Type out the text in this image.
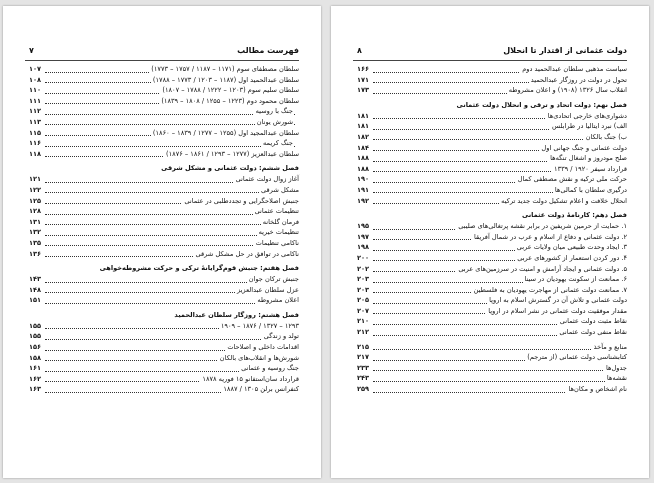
فهرست مطالب
۷
سلطان مصطفای سوم (۱۱۷۱ – ۱۱۸۷ / ۱۷۵۷ – ۱۷۷۳)
۱۰۷
سلطان عبدالحمید اول (۱۱۸۷ – ۱۲۰۳ / ۱۷۷۳ – ۱۷۸۸)
۱۰۸
سلطان سلیم سوم (۱۲۰۳ – ۱۲۲۲ / ۱۷۸۸ – ۱۸۰۷)
۱۱۰
سلطان محمود دوم (۱۲۲۳ – ۱۲۵۵ / ۱۸۰۸ – ۱۸۳۹)
۱۱۱
جنگ با روسیه
۱۱۲
شورش یونان
۱۱۳
سلطان عبدالمجید اول (۱۲۵۵ – ۱۲۷۷ / ۱۸۳۹ – ۱۸۶۰)
۱۱۵
جنگ کریمه
۱۱۶
سلطان عبدالعزیز (۱۲۷۷ – ۱۲۹۳ / ۱۸۶۱ – ۱۸۷۶)
۱۱۸
فصل ششم: دولت عثمانی و مشکل شرقی
آغاز زوال دولت عثمانی
۱۲۱
مشکل شرقی
۱۲۲
جنبش اصلاحگرایی و تجددطلبی در عثمانی
۱۲۵
تنظیمات عثمانی
۱۲۸
فرمان گلخانه
۱۳۱
تنظیمات خیریه
۱۳۲
ناکامی تنظیمات
۱۳۵
ناکامی در توافق در حل مشکل شرقی
۱۳۶
فصل هفتم: جنبش قوم‌گرایانهٔ ترکی و حرکت مشروطه‌خواهی
جنبش ترکان جوان
۱۴۳
عزل سلطان عبدالعزیز
۱۴۸
اعلان مشروطه
۱۵۱
فصل هشتم: روزگار سلطان عبدالحمید
۱۲۹۳ – ۱۳۲۷ / ۱۸۷۶ – ۱۹۰۹
۱۵۵
تولد و زندگی
۱۵۵
اقدامات داخلی و اصلاحات
۱۵۶
شورش‌ها و انقلاب‌های بالکان
۱۵۸
جنگ روسیه و عثمانی
۱۶۱
قرارداد سان‌استفانو ۱۵ فوریه ۱۸۷۸
۱۶۲
کنفرانس برلن ۱۳۰۵ / ۱۸۸۷
۱۶۳
دولت عثمانی از اقتدار تا انحلال
۸
سیاست مذهبی سلطان عبدالحمید دوم
۱۶۶
تحول در دولت در روزگار عبدالحمید
۱۷۱
انقلاب سال ۱۳۲۶ (۱۹۰۸) و اعلان مشروطه
۱۷۳
فصل نهم: دولت اتحاد و ترقی و انحلال دولت عثمانی
دشواری‌های خارجی اتحادی‌ها
۱۸۱
الف) نبرد ایتالیا در طرابلس
۱۸۱
ب) جنگ بالکان
۱۸۲
دولت عثمانی و جنگ جهانی اول
۱۸۴
صلح مودروز و اشغال تنگه‌ها
۱۸۸
قرارداد سیفر ۱۹۲۰ / ۱۳۳۹
۱۸۸
حرکت ملی ترکیه و نقش مصطفی کمال
۱۹۰
درگیری سلطان با کمالی‌ها
۱۹۱
انحلال خلافت و اعلام تشکیل دولت جدید ترکیه
۱۹۲
فصل دهم: کارنامهٔ دولت عثمانی
۱. حمایت از حرمین شریفین در برابر نقشه پرتغالی‌های صلیبی
۱۹۵
۲. دولت عثمانی و دفاع از اسلام و عرب در شمال آفریقا
۱۹۷
۳. ایجاد وحدت طبیعی میان ولایات عربی
۱۹۸
۴. دور کردن استعمار از کشورهای عربی
۲۰۰
۵. دولت عثمانی و ایجاد آرامش و امنیت در سرزمین‌های عربی
۲۰۲
۶. ممانعت از سکونت یهودیان در سینا
۲۰۳
۷. ممانعت دولت عثمانی از مهاجرت یهودیان به فلسطین
۲۰۳
دولت عثمانی و تلاش آن در گسترش اسلام به اروپا
۲۰۵
مقدار موفقیت دولت عثمانی در نشر اسلام در اروپا
۲۰۷
نقاط مثبت دولت عثمانی
۲۱۰
نقاط منفی دولت عثمانی
۲۱۲
منابع و مآخذ
۲۱۵
کتابشناسی دولت عثمانی (از مترجم)
۲۱۷
جدول‌ها
۲۳۳
نقشه‌ها
۲۴۳
نام اشخاص و مکان‌ها
۲۵۹
